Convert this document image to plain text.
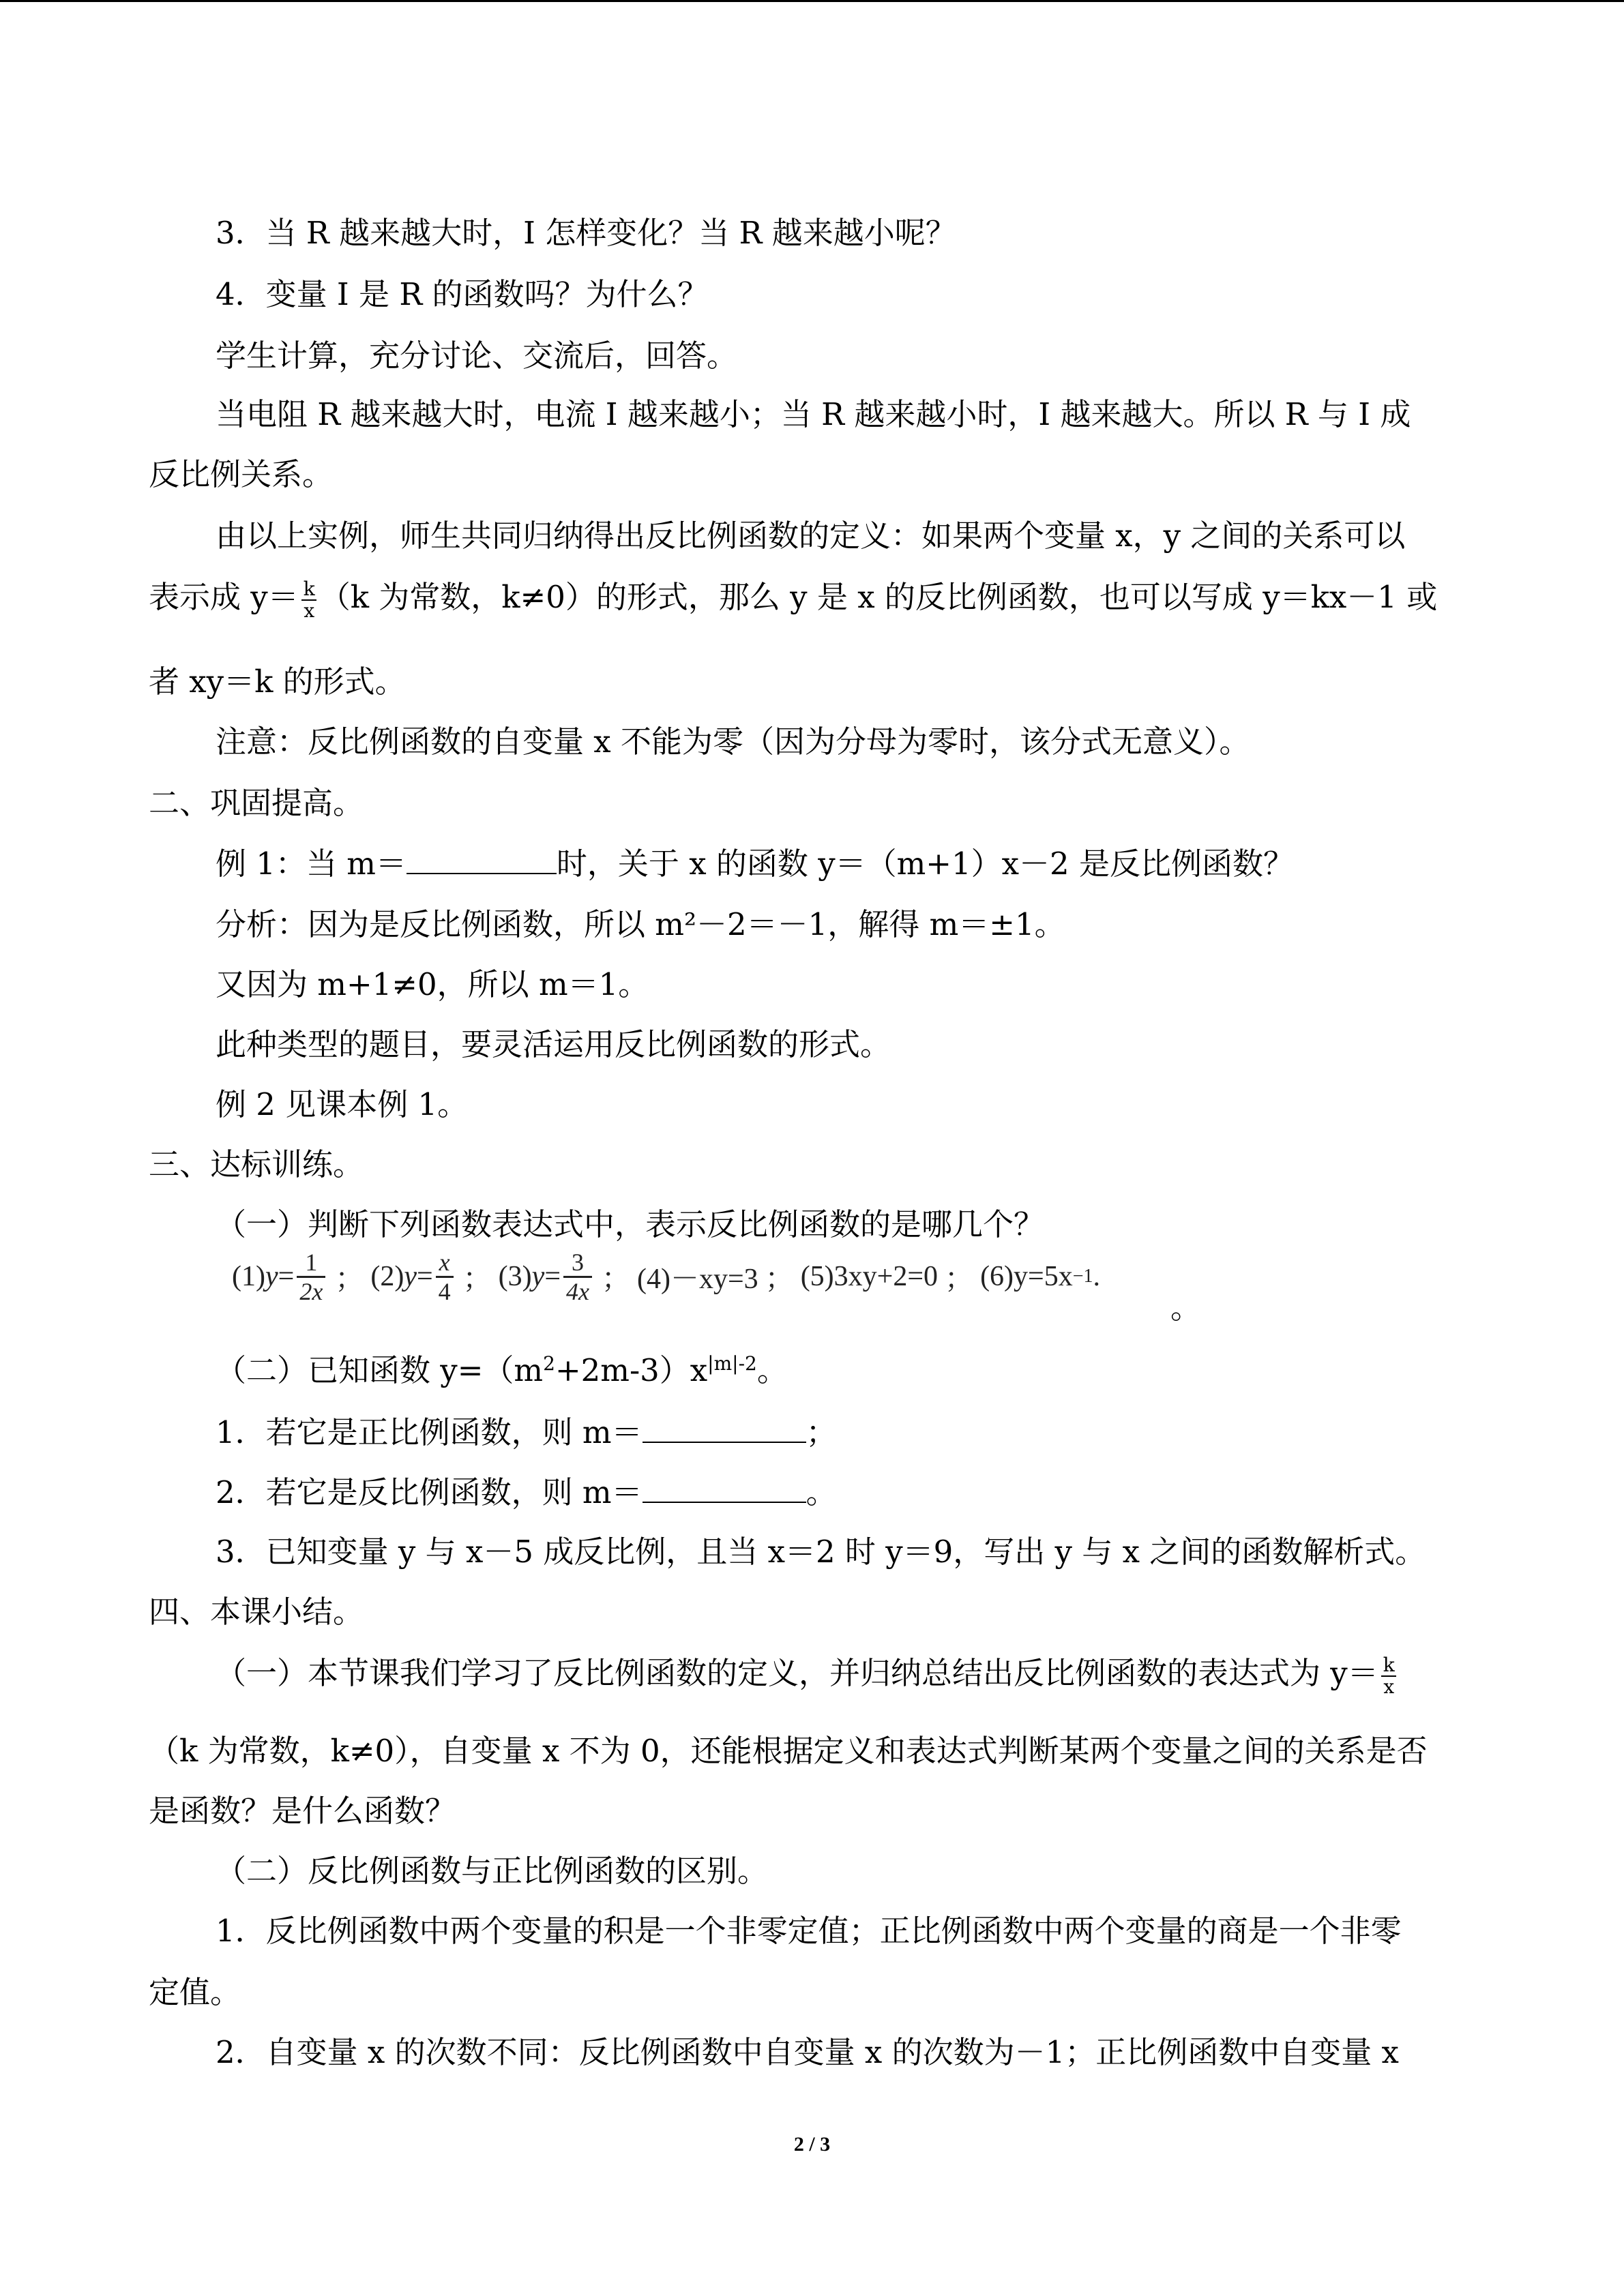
3．当 R 越来越大时，I 怎样变化？当 R 越来越小呢？

4．变量 I 是 R 的函数吗？为什么？

学生计算，充分讨论、交流后，回答。

当电阻 R 越来越大时，电流 I 越来越小；当 R 越来越小时，I 越来越大。所以 R 与 I 成

反比例关系。

由以上实例，师生共同归纳得出反比例函数的定义：如果两个变量 x，y 之间的关系可以

表示成 $y= \frac{k}{x} (k$ 为常数，k≠0）的形式，那么 y 是 x 的反比例函数，也可以写成 y＝kx－1 或

者 xy＝k 的形式。

注意：反比例函数的自变量 x 不能为零（因为分母为零时，该分式无意义）。

二、巩固提高。

例 1：当 m＝	时，关于 x 的函数 y＝（m+1）x－2 是反比例函数？

分析：因为是反比例函数，所以 m²－2＝－1，解得 m＝±1。

又因为 m+1≠0，所以 m＝1。

此种类型的题目，要灵活运用反比例函数的形式。

例 2 见课本例 1。

三、达标训练。

（一）判断下列函数表达式中，表示反比例函数的是哪几个？

(1) $y = \frac{1}{2x}$ ； (2) $y = \frac{x}{4}$ ； (3) $y = \frac{3}{4x}$ ； (4)－xy=3 ； (5)3xy+2=0 ； (6)y=5x −1 .

。

（二）已知函数 $y=(m^2+2m-3)x^{|m|-2}$。

1．若它是正比例函数，则 m＝	；

2．若它是反比例函数，则 m＝	。

3．已知变量 y 与 x－5 成反比例，且当 x＝2 时 y＝9，写出 y 与 x 之间的函数解析式。

四、本课小结。

（一）本节课我们学习了反比例函数的定义，并归纳总结出反比例函数的表达式为 $y= \frac{k}{x}$

（k 为常数，k≠0），自变量 x 不为 0，还能根据定义和表达式判断某两个变量之间的关系是否

是函数？是什么函数？

（二）反比例函数与正比例函数的区别。

1．反比例函数中两个变量的积是一个非零定值；正比例函数中两个变量的商是一个非零

定值。

2．自变量 x 的次数不同：反比例函数中自变量 x 的次数为－1；正比例函数中自变量 x

2 / 3
